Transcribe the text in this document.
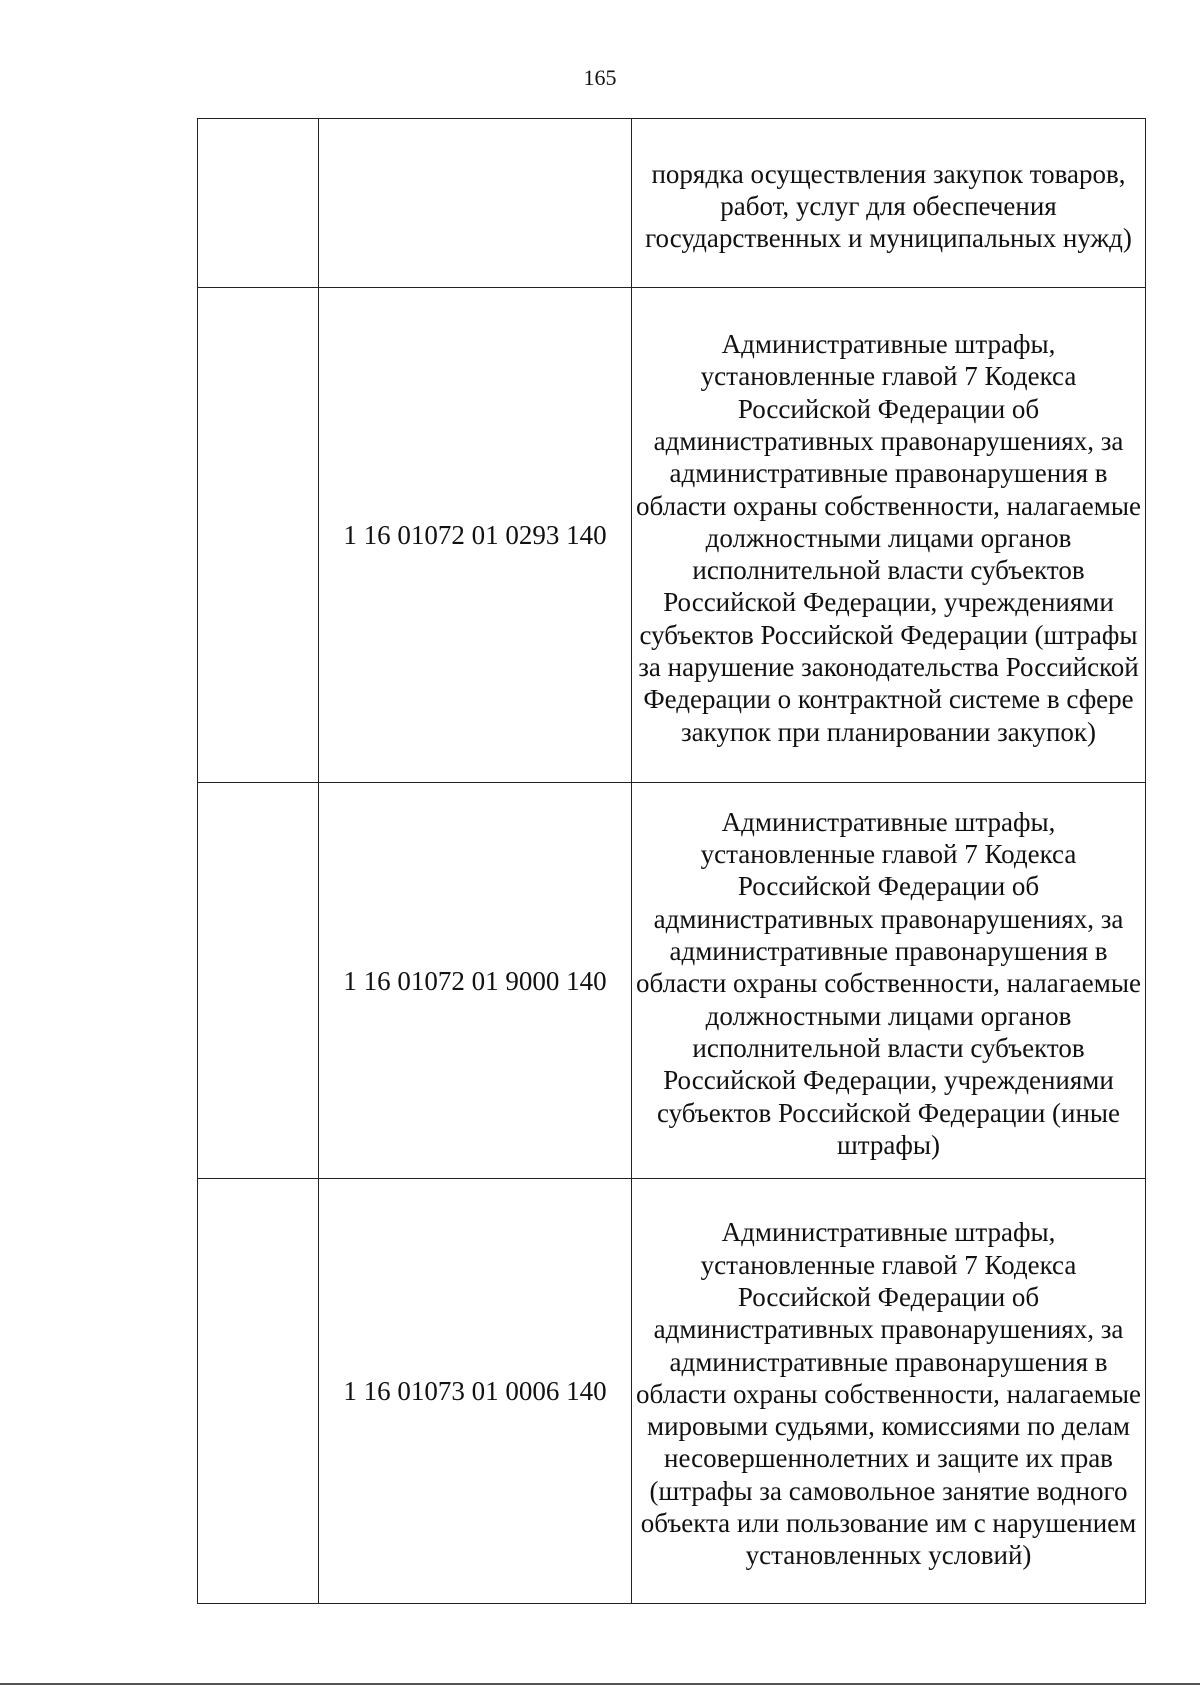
165
		порядка осуществления закупок товаров, работ, услуг для обеспечения государственных и муниципальных нужд)
	1 16 01072 01 0293 140	Административные штрафы, установленные главой 7 Кодекса Российской Федерации об административных правонарушениях, за административные правонарушения в области охраны собственности, налагаемые должностными лицами органов исполнительной власти субъектов Российской Федерации, учреждениями субъектов Российской Федерации (штрафы за нарушение законодательства Российской Федерации о контрактной системе в сфере закупок при планировании закупок)
	1 16 01072 01 9000 140	Административные штрафы, установленные главой 7 Кодекса Российской Федерации об административных правонарушениях, за административные правонарушения в области охраны собственности, налагаемые должностными лицами органов исполнительной власти субъектов Российской Федерации, учреждениями субъектов Российской Федерации (иные штрафы)
	1 16 01073 01 0006 140	Административные штрафы, установленные главой 7 Кодекса Российской Федерации об административных правонарушениях, за административные правонарушения в области охраны собственности, налагаемые мировыми судьями, комиссиями по делам несовершеннолетних и защите их прав (штрафы за самовольное занятие водного объекта или пользование им с нарушением установленных условий)
